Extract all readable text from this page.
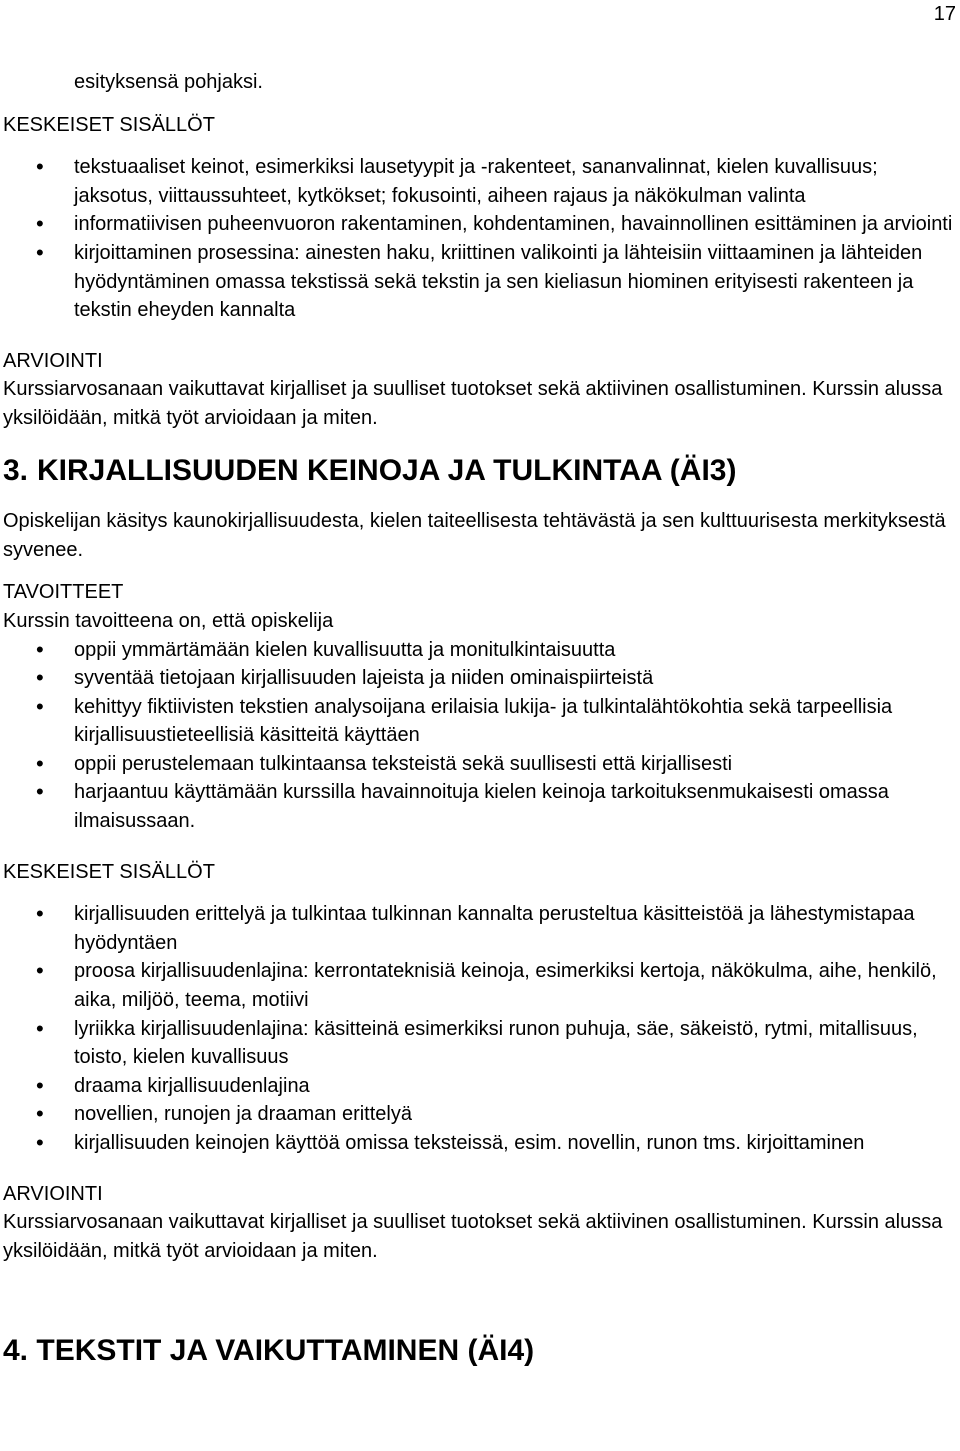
17

esityksensä pohjaksi.

KESKEISET SISÄLLÖT

• tekstuaaliset keinot, esimerkiksi lausetyypit ja -rakenteet, sananvalinnat, kielen kuvallisuus; jaksotus, viittaussuhteet, kytkökset; fokusointi, aiheen rajaus ja näkökulman valinta
• informatiivisen puheenvuoron rakentaminen, kohdentaminen, havainnollinen esittäminen ja arviointi
• kirjoittaminen prosessina: ainesten haku, kriittinen valikointi ja lähteisiin viittaaminen ja lähteiden hyödyntäminen omassa tekstissä sekä tekstin ja sen kieliasun hiominen erityisesti rakenteen ja tekstin eheyden kannalta

ARVIOINTI

Kurssiarvosanaan vaikuttavat kirjalliset ja suulliset tuotokset sekä aktiivinen osallistuminen. Kurssin alussa yksilöidään, mitkä työt arvioidaan ja miten.

3. KIRJALLISUUDEN KEINOJA JA TULKINTAA (ÄI3)

Opiskelijan käsitys kaunokirjallisuudesta, kielen taiteellisesta tehtävästä ja sen kulttuurisesta merkityksestä syvenee.

TAVOITTEET

Kurssin tavoitteena on, että opiskelija

• oppii ymmärtämään kielen kuvallisuutta ja monitulkintaisuutta
• syventää tietojaan kirjallisuuden lajeista ja niiden ominaispiirteistä
• kehittyy fiktiivisten tekstien analysoijana erilaisia lukija- ja tulkintalähtökohtia sekä tarpeellisia kirjallisuustieteellisiä käsitteitä käyttäen
• oppii perustelemaan tulkintaansa teksteistä sekä suullisesti että kirjallisesti
• harjaantuu käyttämään kurssilla havainnoituja kielen keinoja tarkoituksenmukaisesti omassa ilmaisussaan.

KESKEISET SISÄLLÖT

• kirjallisuuden erittelyä ja tulkintaa tulkinnan kannalta perusteltua käsitteistöä ja lähestymistapaa hyödyntäen
• proosa kirjallisuudenlajina: kerrontateknisiä keinoja, esimerkiksi kertoja, näkökulma, aihe, henkilö, aika, miljöö, teema, motiivi
• lyriikka kirjallisuudenlajina: käsitteinä esimerkiksi runon puhuja, säe, säkeistö, rytmi, mitallisuus, toisto, kielen kuvallisuus
• draama kirjallisuudenlajina
• novellien, runojen ja draaman erittelyä
• kirjallisuuden keinojen käyttöä omissa teksteissä, esim. novellin, runon tms. kirjoittaminen

ARVIOINTI

Kurssiarvosanaan vaikuttavat kirjalliset ja suulliset tuotokset sekä aktiivinen osallistuminen. Kurssin alussa yksilöidään, mitkä työt arvioidaan ja miten.

4. TEKSTIT JA VAIKUTTAMINEN (ÄI4)
